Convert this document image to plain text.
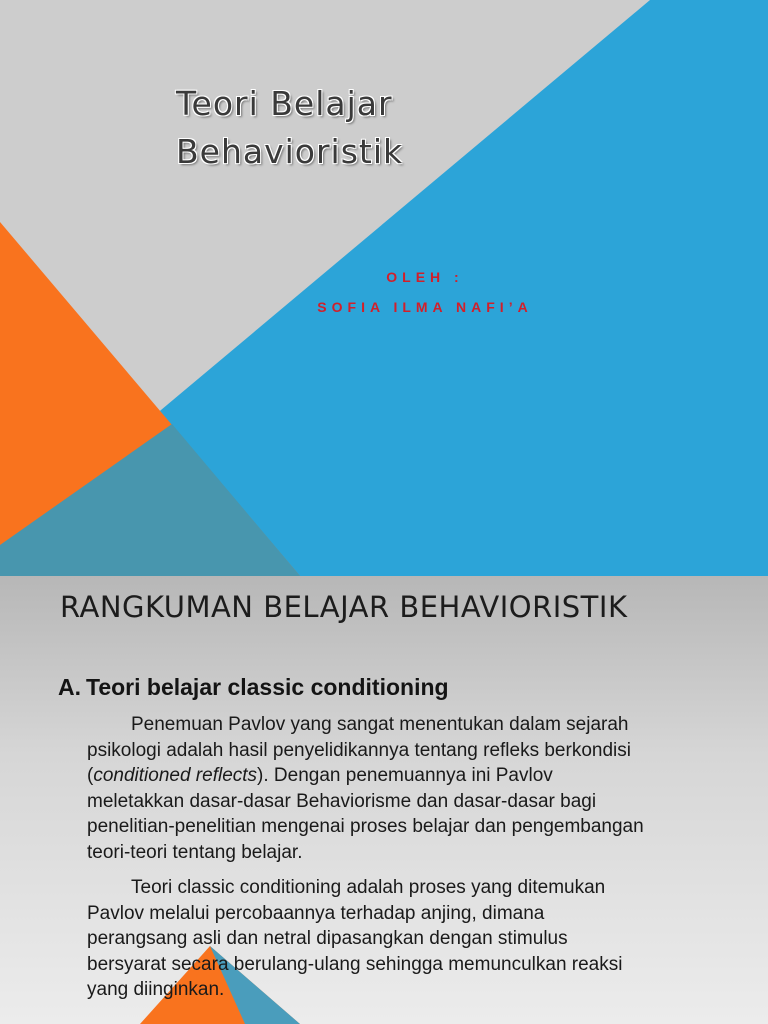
Teori Belajar
Behavioristik
OLEH :
SOFIA ILMA NAFI’A
RANGKUMAN BELAJAR BEHAVIORISTIK
A. Teori belajar classic conditioning

Penemuan Pavlov yang sangat menentukan dalam sejarah
psikologi adalah hasil penyelidikannya tentang refleks berkondisi
(conditioned reflects). Dengan penemuannya ini Pavlov
meletakkan dasar-dasar Behaviorisme dan dasar-dasar bagi
penelitian-penelitian mengenai proses belajar dan pengembangan
teori-teori tentang belajar.

Teori classic conditioning adalah proses yang ditemukan
Pavlov melalui percobaannya terhadap anjing, dimana
perangsang asli dan netral dipasangkan dengan stimulus
bersyarat secara berulang-ulang sehingga memunculkan reaksi
yang diinginkan.
